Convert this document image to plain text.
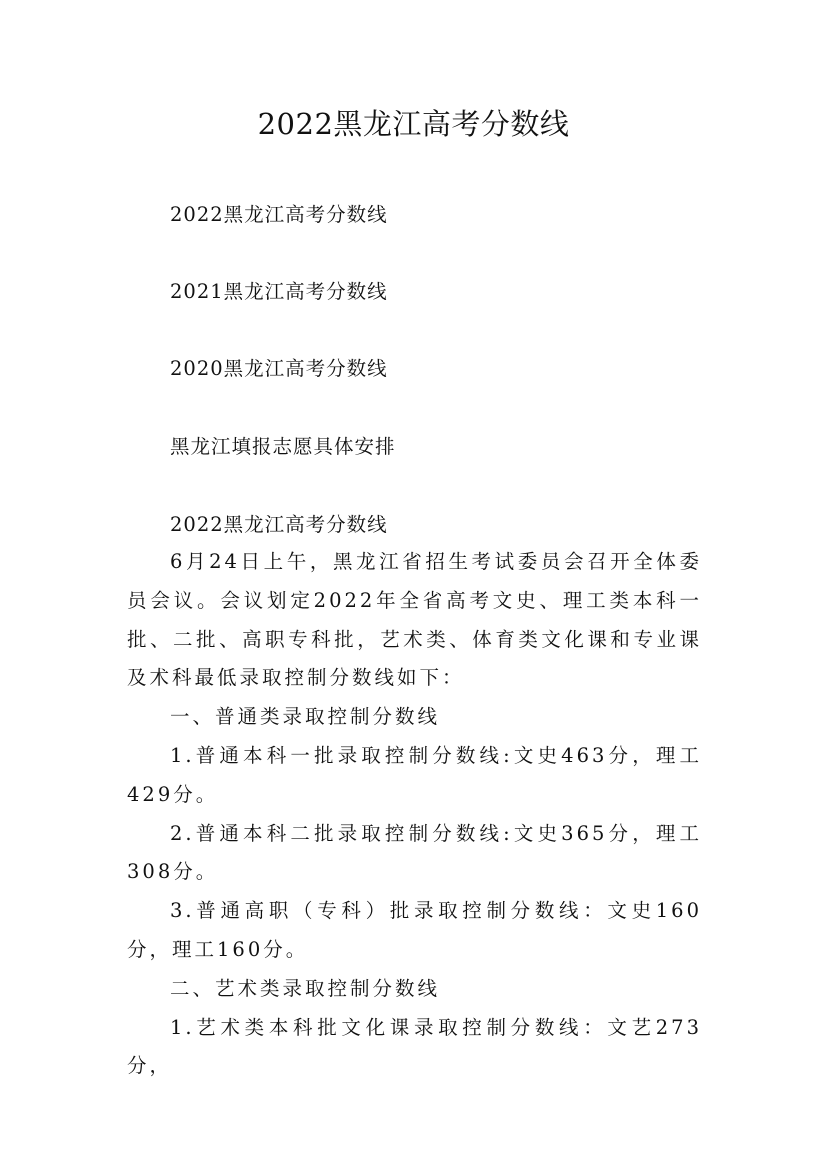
2022黑龙江高考分数线
2022黑龙江高考分数线
2021黑龙江高考分数线
2020黑龙江高考分数线
黑龙江填报志愿具体安排
2022黑龙江高考分数线

6月24日上午，黑龙江省招生考试委员会召开全体委员会议。会议划定2022年全省高考文史、理工类本科一批、二批、高职专科批，艺术类、体育类文化课和专业课及术科最低录取控制分数线如下：

一、普通类录取控制分数线

1.普通本科一批录取控制分数线:文史463分，理工429分。

2.普通本科二批录取控制分数线:文史365分，理工308分。

3.普通高职（专科）批录取控制分数线：文史160分，理工160分。

二、艺术类录取控制分数线

1.艺术类本科批文化课录取控制分数线：文艺273分，
